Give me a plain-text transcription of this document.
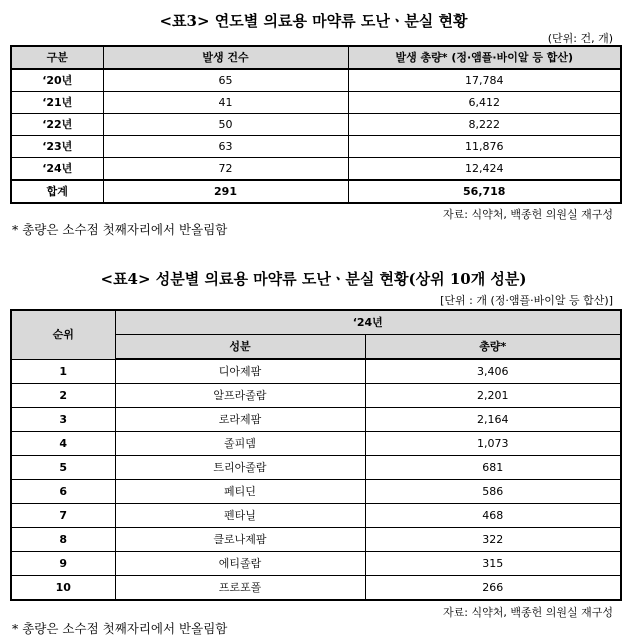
<표3> 연도별 의료용 마약류 도난ㆍ분실 현황
(단위: 건, 개)
구분	발생 건수	발생 총량* (정·앰플·바이알 등 합산)
‘20년	65	17,784
‘21년	41	6,412
‘22년	50	8,222
‘23년	63	11,876
‘24년	72	12,424
합계	291	56,718
자료: 식약처, 백종헌 의원실 재구성
* 총량은 소수점 첫째자리에서 반올림함
<표4> 성분별 의료용 마약류 도난ㆍ분실 현황(상위 10개 성분)
[단위 : 개 (정·앰플·바이알 등 합산)]
순위	‘24년	
	성분	총량*
1	디아제팜	3,406
2	알프라졸람	2,201
3	로라제팜	2,164
4	졸피뎀	1,073
5	트리아졸람	681
6	페티딘	586
7	펜타닐	468
8	클로나제팜	322
9	에티졸람	315
10	프로포폴	266
자료: 식약처, 백종헌 의원실 재구성
* 총량은 소수점 첫째자리에서 반올림함
